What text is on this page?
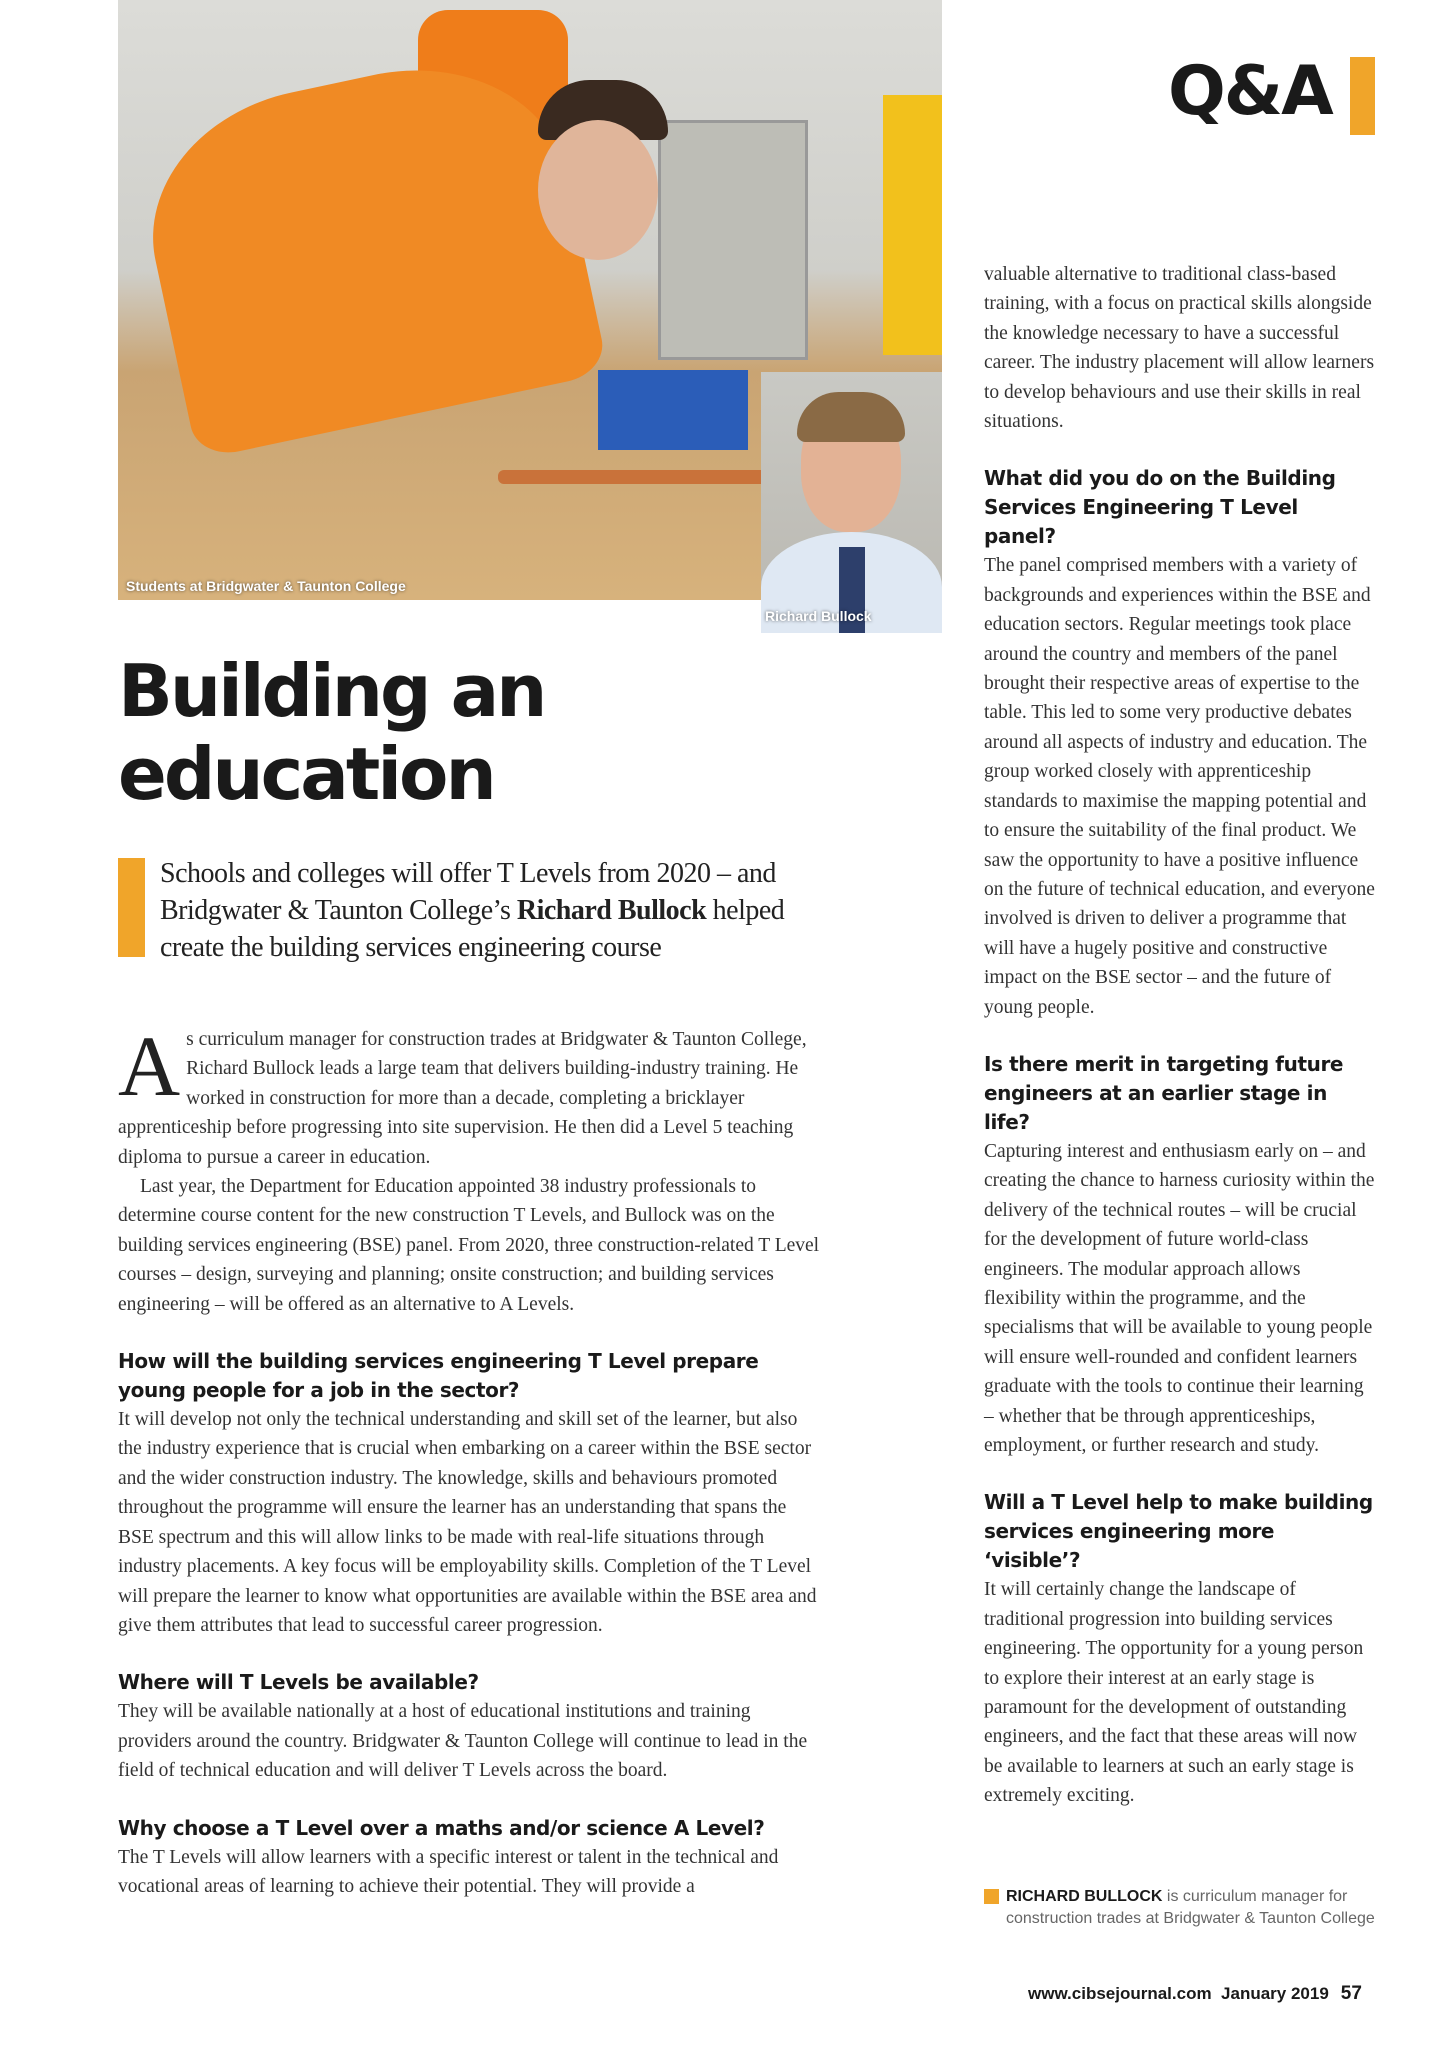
Students at Bridgwater & Taunton College
Richard Bullock
Q&A
Building an
education
Schools and colleges will offer T Levels from 2020 – and Bridgwater & Taunton College’s Richard Bullock helped create the building services engineering course

As curriculum manager for construction trades at Bridgwater & Taunton College, Richard Bullock leads a large team that delivers building-industry training. He worked in construction for more than a decade, completing a bricklayer apprenticeship before progressing into site supervision. He then did a Level 5 teaching diploma to pursue a career in education.

Last year, the Department for Education appointed 38 industry professionals to determine course content for the new construction T Levels, and Bullock was on the building services engineering (BSE) panel. From 2020, three construction-related T Level courses – design, surveying and planning; onsite construction; and building services engineering – will be offered as an alternative to A Levels.

How will the building services engineering T Level prepare young people for a job in the sector?

It will develop not only the technical understanding and skill set of the learner, but also the industry experience that is crucial when embarking on a career within the BSE sector and the wider construction industry. The knowledge, skills and behaviours promoted throughout the programme will ensure the learner has an understanding that spans the BSE spectrum and this will allow links to be made with real-life situations through industry placements. A key focus will be employability skills. Completion of the T Level will prepare the learner to know what opportunities are available within the BSE area and give them attributes that lead to successful career progression.

Where will T Levels be available?

They will be available nationally at a host of educational institutions and training providers around the country. Bridgwater & Taunton College will continue to lead in the field of technical education and will deliver T Levels across the board.

Why choose a T Level over a maths and/or science A Level?

The T Levels will allow learners with a specific interest or talent in the technical and vocational areas of learning to achieve their potential. They will provide a

valuable alternative to traditional class-based training, with a focus on practical skills alongside the knowledge necessary to have a successful career. The industry placement will allow learners to develop behaviours and use their skills in real situations.

What did you do on the Building Services Engineering T Level panel?

The panel comprised members with a variety of backgrounds and experiences within the BSE and education sectors. Regular meetings took place around the country and members of the panel brought their respective areas of expertise to the table. This led to some very productive debates around all aspects of industry and education. The group worked closely with apprenticeship standards to maximise the mapping potential and to ensure the suitability of the final product. We saw the opportunity to have a positive influence on the future of technical education, and everyone involved is driven to deliver a programme that will have a hugely positive and constructive impact on the BSE sector – and the future of young people.

Is there merit in targeting future engineers at an earlier stage in life?

Capturing interest and enthusiasm early on – and creating the chance to harness curiosity within the delivery of the technical routes – will be crucial for the development of future world-class engineers. The modular approach allows flexibility within the programme, and the specialisms that will be available to young people will ensure well-rounded and confident learners graduate with the tools to continue their learning – whether that be through apprenticeships, employment, or further research and study.

Will a T Level help to make building services engineering more ‘visible’?

It will certainly change the landscape of traditional progression into building services engineering. The opportunity for a young person to explore their interest at an early stage is paramount for the development of outstanding engineers, and the fact that these areas will now be available to learners at such an early stage is extremely exciting.

RICHARD BULLOCK is curriculum manager for construction trades at Bridgwater & Taunton College
www.cibsejournal.com January 2019 57
